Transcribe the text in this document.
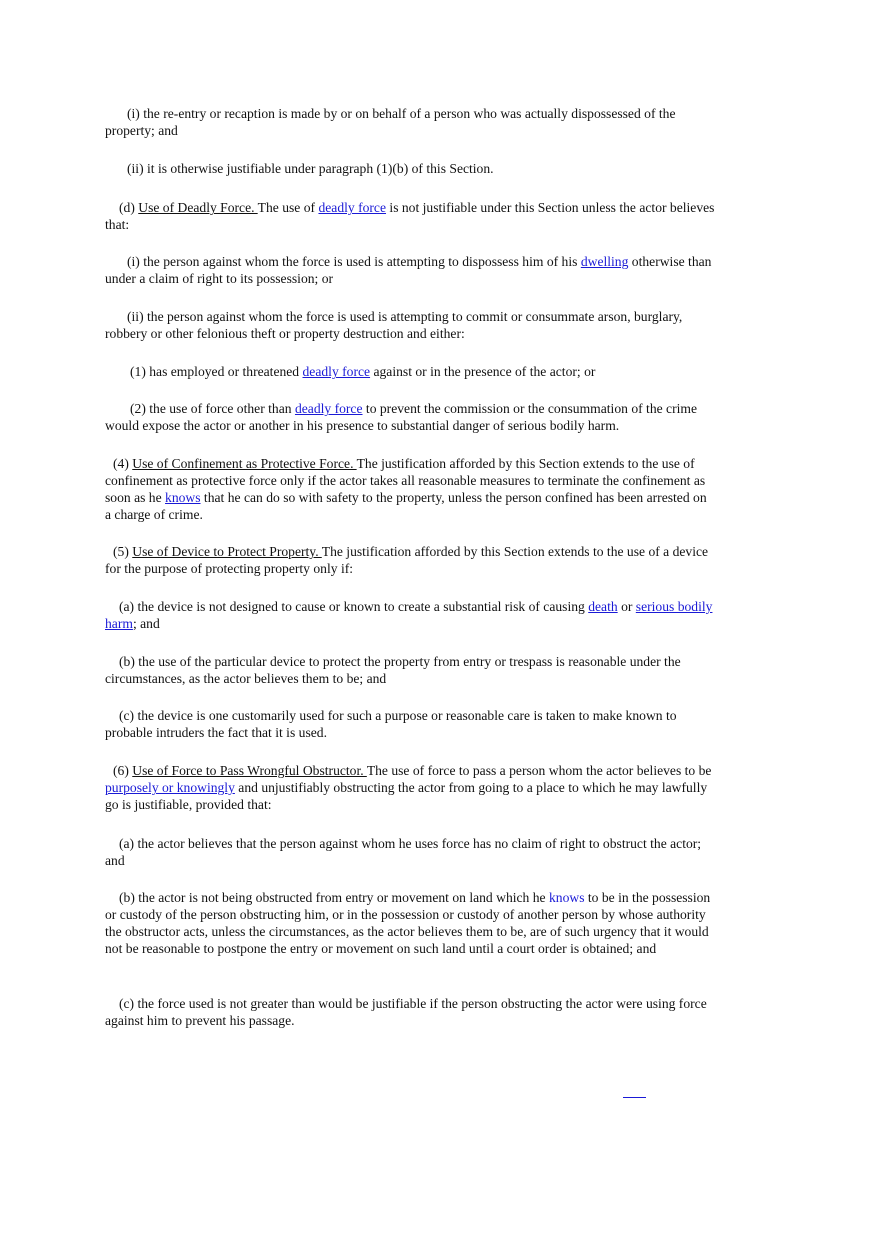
(i) the re-entry or recaption is made by or on behalf of a person who was actually dispossessed of the property; and

(ii) it is otherwise justifiable under paragraph (1)(b) of this Section.

(d) Use of Deadly Force. The use of deadly force is not justifiable under this Section unless the actor believes that:

(i) the person against whom the force is used is attempting to dispossess him of his dwelling otherwise than under a claim of right to its possession; or

(ii) the person against whom the force is used is attempting to commit or consummate arson, burglary, robbery or other felonious theft or property destruction and either:

(1) has employed or threatened deadly force against or in the presence of the actor; or

(2) the use of force other than deadly force to prevent the commission or the consummation of the crime would expose the actor or another in his presence to substantial danger of serious bodily harm.

(4) Use of Confinement as Protective Force. The justification afforded by this Section extends to the use of confinement as protective force only if the actor takes all reasonable measures to terminate the confinement as soon as he knows that he can do so with safety to the property, unless the person confined has been arrested on a charge of crime.

(5) Use of Device to Protect Property. The justification afforded by this Section extends to the use of a device for the purpose of protecting property only if:

(a) the device is not designed to cause or known to create a substantial risk of causing death or serious bodily harm; and

(b) the use of the particular device to protect the property from entry or trespass is reasonable under the circumstances, as the actor believes them to be; and

(c) the device is one customarily used for such a purpose or reasonable care is taken to make known to probable intruders the fact that it is used.

(6) Use of Force to Pass Wrongful Obstructor. The use of force to pass a person whom the actor believes to be purposely or knowingly and unjustifiably obstructing the actor from going to a place to which he may lawfully go is justifiable, provided that:

(a) the actor believes that the person against whom he uses force has no claim of right to obstruct the actor; and

(b) the actor is not being obstructed from entry or movement on land which he knows to be in the possession or custody of the person obstructing him, or in the possession or custody of another person by whose authority the obstructor acts, unless the circumstances, as the actor believes them to be, are of such urgency that it would not be reasonable to postpone the entry or movement on such land until a court order is obtained; and

(c) the force used is not greater than would be justifiable if the person obstructing the actor were using force against him to prevent his passage.
